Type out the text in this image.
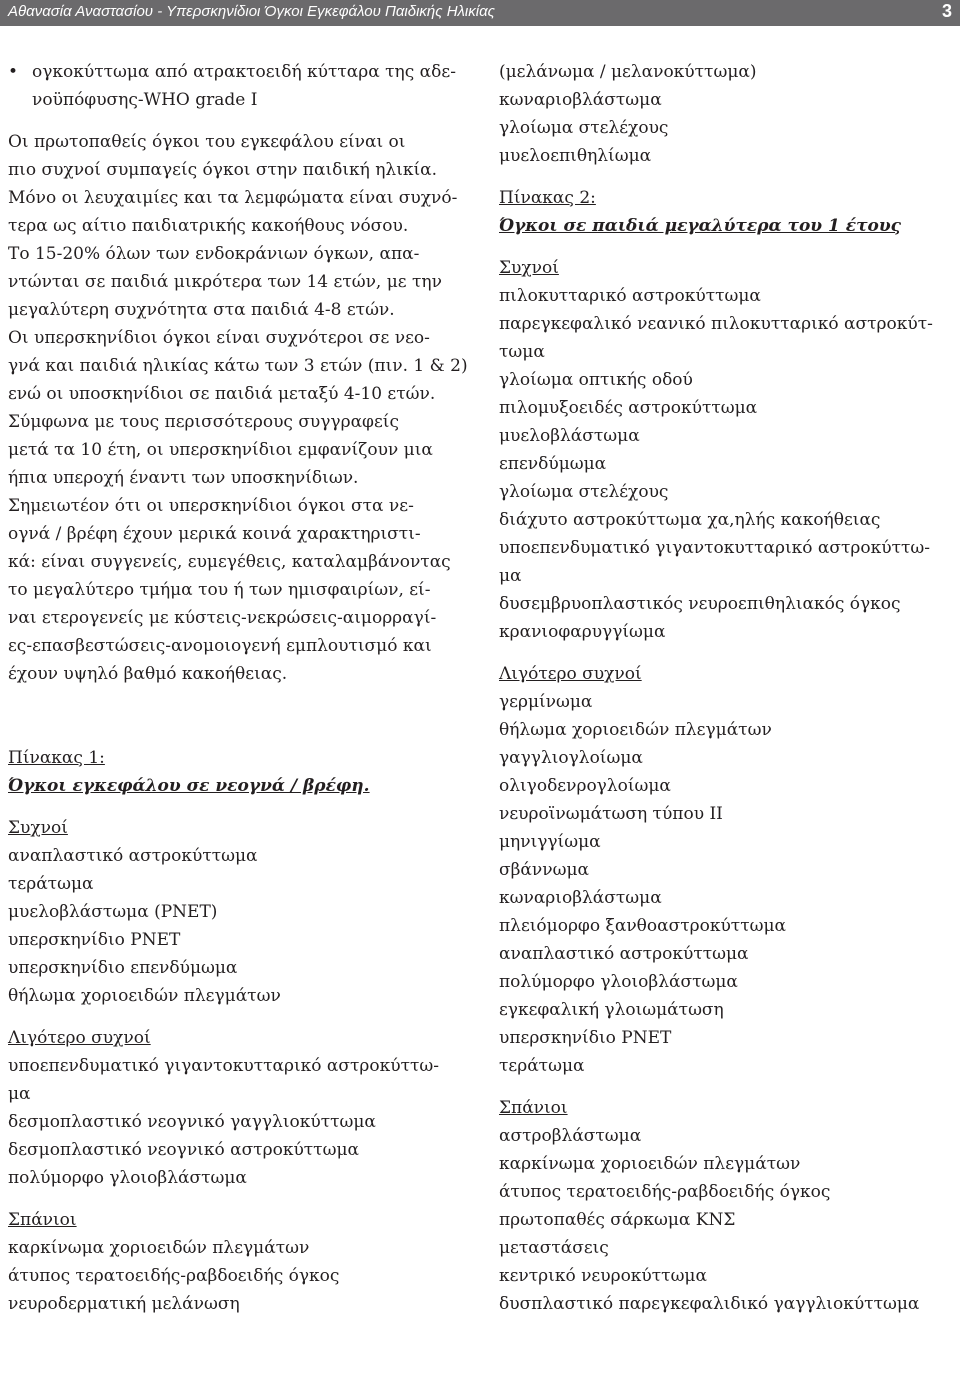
Αθανασία Αναστασίου - Υπερσκηνίδιοι Όγκοι Εγκεφάλου Παιδικής Ηλικίας	3
• ογκοκύττωμα από ατρακτοειδή κύτταρα της αδε-
νοϋπόφυσης-WHO grade I
Οι πρωτοπαθείς όγκοι του εγκεφάλου είναι οι
πιο συχνοί συμπαγείς όγκοι στην παιδική ηλικία.
Μόνο οι λευχαιμίες και τα λεμφώματα είναι συχνό-
τερα ως αίτιο παιδιατρικής κακοήθους νόσου.
Το 15-20% όλων των ενδοκράνιων όγκων, απα-
ντώνται σε παιδιά μικρότερα των 14 ετών, με την
μεγαλύτερη συχνότητα στα παιδιά 4-8 ετών.
Οι υπερσκηνίδιοι όγκοι είναι συχνότεροι σε νεο-
γνά και παιδιά ηλικίας κάτω των 3 ετών (πιν. 1 & 2)
ενώ οι υποσκηνίδιοι σε παιδιά μεταξύ 4-10 ετών.
Σύμφωνα με τους περισσότερους συγγραφείς
μετά τα 10 έτη, οι υπερσκηνίδιοι εμφανίζουν μια
ήπια υπεροχή έναντι των υποσκηνίδιων.
Σημειωτέον ότι οι υπερσκηνίδιοι όγκοι στα νε-
ογνά / βρέφη έχουν μερικά κοινά χαρακτηριστι-
κά: είναι συγγενείς, ευμεγέθεις, καταλαμβάνοντας
το μεγαλύτερο τμήμα του ή των ημισφαιρίων, εί-
ναι ετερογενείς με κύστεις-νεκρώσεις-αιμορραγί-
ες-επασβεστώσεις-ανομοιογενή εμπλουτισμό και
έχουν υψηλό βαθμό κακοήθειας.
Πίνακας 1:
Όγκοι εγκεφάλου σε νεογνά / βρέφη.
Συχνοί
αναπλαστικό αστροκύττωμα
τεράτωμα
μυελοβλάστωμα (PNET)
υπερσκηνίδιο PNET
υπερσκηνίδιο επενδύμωμα
θήλωμα χοριοειδών πλεγμάτων
Λιγότερο συχνοί
υποεπενδυματικό γιγαντοκυτταρικό αστροκύττω-
μα
δεσμοπλαστικό νεογνικό γαγγλιοκύττωμα
δεσμοπλαστικό νεογνικό αστροκύττωμα
πολύμορφο γλοιοβλάστωμα
Σπάνιοι
καρκίνωμα χοριοειδών πλεγμάτων
άτυπος τερατοειδής-ραβδοειδής όγκος
νευροδερματική μελάνωση
(μελάνωμα / μελανοκύττωμα)
κωναριοβλάστωμα
γλοίωμα στελέχους
μυελοεπιθηλίωμα
Πίνακας 2:
Όγκοι σε παιδιά μεγαλύτερα του 1 έτους
Συχνοί
πιλοκυτταρικό αστροκύττωμα
παρεγκεφαλικό νεανικό πιλοκυτταρικό αστροκύτ-
τωμα
γλοίωμα οπτικής οδού
πιλομυξοειδές αστροκύττωμα
μυελοβλάστωμα
επενδύμωμα
γλοίωμα στελέχους
διάχυτο αστροκύττωμα χα,ηλής κακοήθειας
υποεπενδυματικό γιγαντοκυτταρικό αστροκύττω-
μα
δυσεμβρυοπλαστικός νευροεπιθηλιακός όγκος
κρανιοφαρυγγίωμα
Λιγότερο συχνοί
γερμίνωμα
θήλωμα χοριοειδών πλεγμάτων
γαγγλιογλοίωμα
ολιγοδενρογλοίωμα
νευροϊνωμάτωση τύπου ΙΙ
μηνιγγίωμα
σβάννωμα
κωναριοβλάστωμα
πλειόμορφο ξανθοαστροκύττωμα
αναπλαστικό αστροκύττωμα
πολύμορφο γλοιοβλάστωμα
εγκεφαλική γλοιωμάτωση
υπερσκηνίδιο PNET
τεράτωμα
Σπάνιοι
αστροβλάστωμα
καρκίνωμα χοριοειδών πλεγμάτων
άτυπος τερατοειδής-ραβδοειδής όγκος
πρωτοπαθές σάρκωμα ΚΝΣ
μεταστάσεις
κεντρικό νευροκύττωμα
δυσπλαστικό παρεγκεφαλιδικό γαγγλιοκύττωμα
